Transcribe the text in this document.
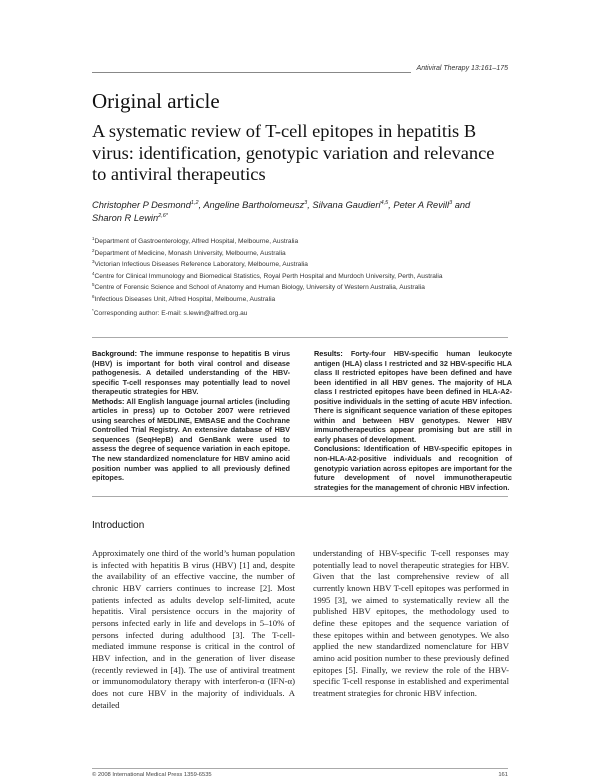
Antiviral Therapy 13:161–175
Original article
A systematic review of T-cell epitopes in hepatitis B virus: identification, genotypic variation and relevance to antiviral therapeutics
Christopher P Desmond$^{1,2}$, Angeline Bartholomeusz$^3$, Silvana Gaudieri$^{4,5}$, Peter A Revill$^3$ and
Sharon R Lewin$^{2,6*}$
$^1$Department of Gastroenterology, Alfred Hospital, Melbourne, Australia
$^2$Department of Medicine, Monash University, Melbourne, Australia
$^3$Victorian Infectious Diseases Reference Laboratory, Melbourne, Australia
$^4$Centre for Clinical Immunology and Biomedical Statistics, Royal Perth Hospital and Murdoch University, Perth, Australia
$^5$Centre of Forensic Science and School of Anatomy and Human Biology, University of Western Australia, Australia
$^6$Infectious Diseases Unit, Alfred Hospital, Melbourne, Australia
*Corresponding author: E-mail: s.lewin@alfred.org.au

Background: The immune response to hepatitis B virus (HBV) is important for both viral control and disease pathogenesis. A detailed understanding of the HBV-specific T-cell responses may potentially lead to novel therapeutic strategies for HBV.

Methods: All English language journal articles (including articles in press) up to October 2007 were retrieved using searches of MEDLINE, EMBASE and the Cochrane Controlled Trial Registry. An extensive database of HBV sequences (SeqHepB) and GenBank were used to assess the degree of sequence variation in each epitope. The new standardized nomenclature for HBV amino acid position number was applied to all previously defined epitopes.

Results: Forty-four HBV-specific human leukocyte antigen (HLA) class I restricted and 32 HBV-specific HLA class II restricted epitopes have been defined and have been identified in all HBV genes. The majority of HLA class I restricted epitopes have been defined in HLA-A2-positive individuals in the setting of acute HBV infection. There is significant sequence variation of these epitopes within and between HBV genotypes. Newer HBV immunotherapeutics appear promising but are still in early phases of development.

Conclusions: Identification of HBV-specific epitopes in non-HLA-A2-positive individuals and recognition of genotypic variation across epitopes are important for the future development of novel immunotherapeutic strategies for the management of chronic HBV infection.

Introduction

Approximately one third of the world’s human population is infected with hepatitis B virus (HBV) [1] and, despite the availability of an effective vaccine, the number of chronic HBV carriers continues to increase [2]. Most patients infected as adults develop self-limited, acute hepatitis. Viral persistence occurs in the majority of persons infected early in life and develops in 5–10% of persons infected during adulthood [3]. The T-cell-mediated immune response is critical in the control of HBV infection, and in the generation of liver disease (recently reviewed in [4]). The use of antiviral treatment or immunomodulatory therapy with interferon-α (IFN-α) does not cure HBV in the majority of individuals. A detailed

understanding of HBV-specific T-cell responses may potentially lead to novel therapeutic strategies for HBV. Given that the last comprehensive review of all currently known HBV T-cell epitopes was performed in 1995 [3], we aimed to systematically review all the published HBV epitopes, the methodology used to define these epitopes and the sequence variation of these epitopes within and between genotypes. We also applied the new standardized nomenclature for HBV amino acid position number to these previously defined epitopes [5]. Finally, we review the role of the HBV-specific T-cell response in established and experimental treatment strategies for chronic HBV infection.

© 2008 International Medical Press 1359-6535	161
